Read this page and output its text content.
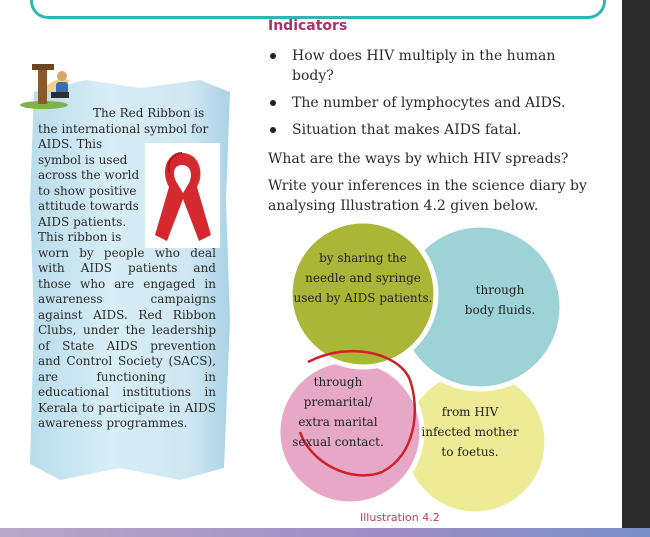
The Red Ribbon is

the international symbol for

AIDS. This

symbol is used

across the world

to show positive

attitude towards

AIDS patients.

This ribbon is

worn by people who deal with AIDS patients and those who are engaged in awareness campaigns against AIDS. Red Ribbon Clubs, under the leadership of State AIDS prevention and Control Society (SACS), are functioning in educational institutions in Kerala to participate in AIDS awareness programmes.

Indicators
How does HIV multiply in the human body?
The number of lymphocytes and AIDS.
Situation that makes AIDS fatal.
What are the ways by which HIV spreads?
Write your inferences in the science diary by analysing Illustration 4.2 given below.
by sharing the
needle and syringe
used by AIDS patients.
through
body fluids.
through
premarital/
extra marital
sexual contact.
from HIV
infected mother
to foetus.
Illustration 4.2
